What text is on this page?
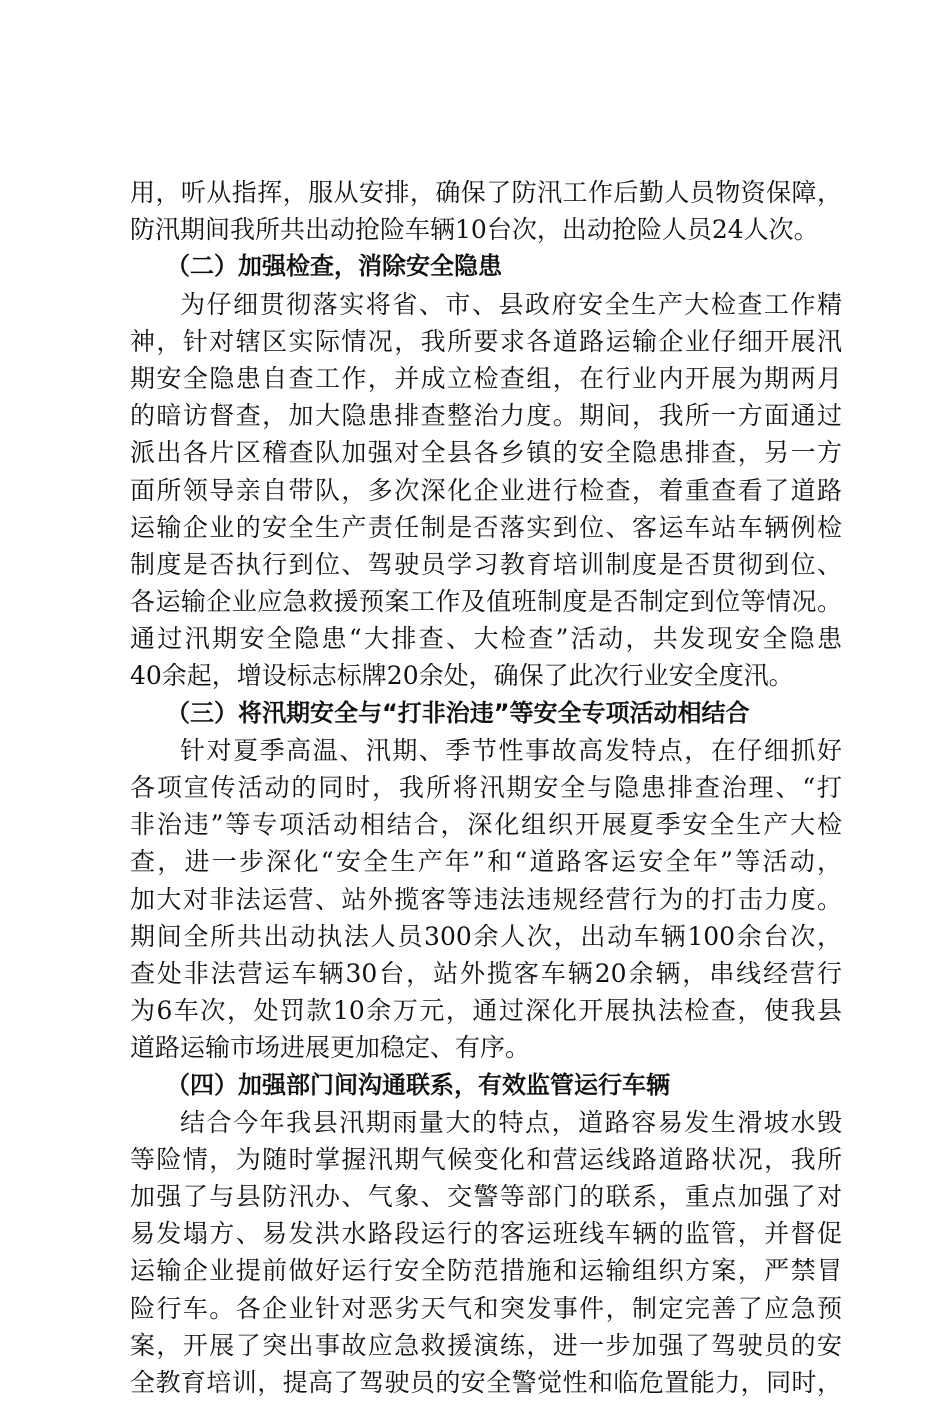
用，听从指挥，服从安排，确保了防汛工作后勤人员物资保障，
防汛期间我所共出动抢险车辆10台次，出动抢险人员24人次。
（二）加强检查，消除安全隐患
为仔细贯彻落实将省、市、县政府安全生产大检查工作精
神，针对辖区实际情况，我所要求各道路运输企业仔细开展汛
期安全隐患自查工作，并成立检查组，在行业内开展为期两月
的暗访督查，加大隐患排查整治力度。期间，我所一方面通过
派出各片区稽查队加强对全县各乡镇的安全隐患排查，另一方
面所领导亲自带队，多次深化企业进行检查，着重查看了道路
运输企业的安全生产责任制是否落实到位、客运车站车辆例检
制度是否执行到位、驾驶员学习教育培训制度是否贯彻到位、
各运输企业应急救援预案工作及值班制度是否制定到位等情况。
通过汛期安全隐患“大排查、大检查”活动，共发现安全隐患
40余起，增设标志标牌20余处，确保了此次行业安全度汛。
（三）将汛期安全与“打非治违”等安全专项活动相结合
针对夏季高温、汛期、季节性事故高发特点，在仔细抓好
各项宣传活动的同时，我所将汛期安全与隐患排查治理、“打
非治违”等专项活动相结合，深化组织开展夏季安全生产大检
查，进一步深化“安全生产年”和“道路客运安全年”等活动，
加大对非法运营、站外揽客等违法违规经营行为的打击力度。
期间全所共出动执法人员300余人次，出动车辆100余台次，
查处非法营运车辆30台，站外揽客车辆20余辆，串线经营行
为6车次，处罚款10余万元，通过深化开展执法检查，使我县
道路运输市场进展更加稳定、有序。
（四）加强部门间沟通联系，有效监管运行车辆
结合今年我县汛期雨量大的特点，道路容易发生滑坡水毁
等险情，为随时掌握汛期气候变化和营运线路道路状况，我所
加强了与县防汛办、气象、交警等部门的联系，重点加强了对
易发塌方、易发洪水路段运行的客运班线车辆的监管，并督促
运输企业提前做好运行安全防范措施和运输组织方案，严禁冒
险行车。各企业针对恶劣天气和突发事件，制定完善了应急预
案，开展了突出事故应急救援演练，进一步加强了驾驶员的安
全教育培训，提高了驾驶员的安全警觉性和临危置能力，同时，
